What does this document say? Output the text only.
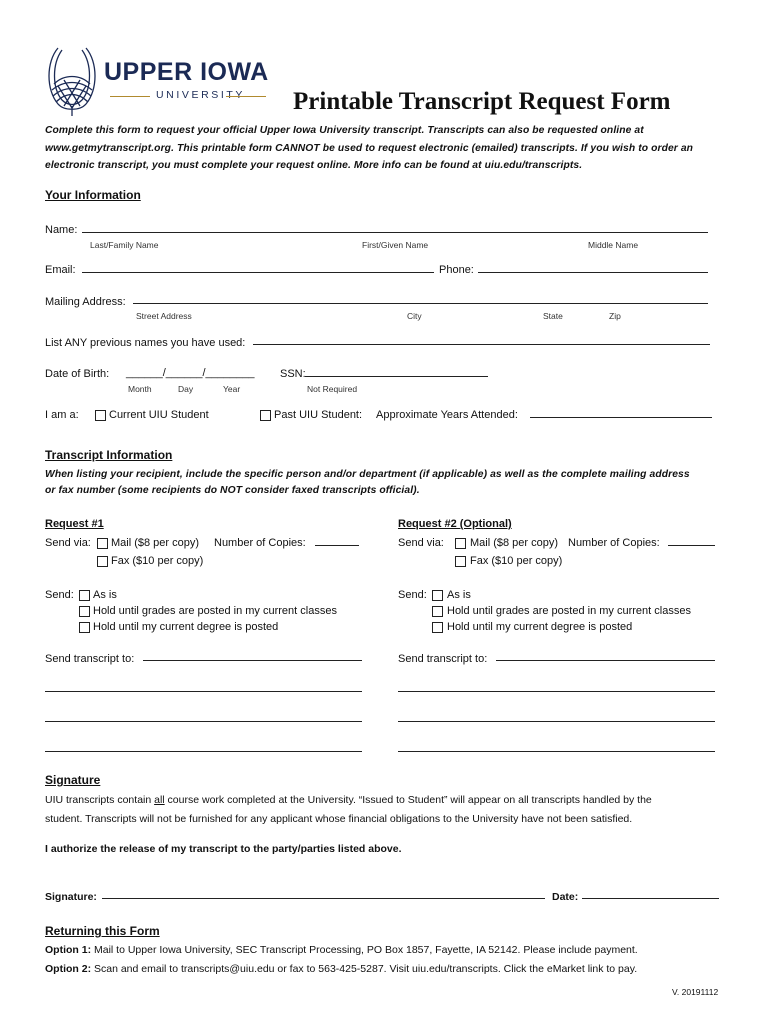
UPPER IOWA
UNIVERSITY Printable Transcript Request Form
Complete this form to request your official Upper Iowa University transcript. Transcripts can also be requested online at
www.getmytranscript.org. This printable form CANNOT be used to request electronic (emailed) transcripts. If you wish to order an
electronic transcript, you must complete your request online. More info can be found at uiu.edu/transcripts.
Your Information
Name:
Last/Family Name	First/Given Name	Middle Name
Email:	Phone:
Mailing Address:
Street Address	City	State	Zip
List ANY previous names you have used:
Date of Birth: ______/______/________
Month	Day	Year
SSN:
Not Required
I am a:	Current UIU Student	Past UIU Student: Approximate Years Attended:
Transcript Information
When listing your recipient, include the specific person and/or department (if applicable) as well as the complete mailing address
or fax number (some recipients do NOT consider faxed transcripts official).
Request #1
Send via: Mail ($8 per copy) Number of Copies:
Fax ($10 per copy)
Send: As is
Hold until grades are posted in my current classes
Hold until my current degree is posted
Send transcript to:
Request #2 (Optional)
Send via: Mail ($8 per copy) Number of Copies:
Fax ($10 per copy)
Send: As is
Hold until grades are posted in my current classes
Hold until my current degree is posted
Send transcript to:
Signature
UIU transcripts contain all course work completed at the University. “Issued to Student” will appear on all transcripts handled by the
student. Transcripts will not be furnished for any applicant whose financial obligations to the University have not been satisfied.
I authorize the release of my transcript to the party/parties listed above.
Signature:	Date:
Returning this Form
Option 1: Mail to Upper Iowa University, SEC Transcript Processing, PO Box 1857, Fayette, IA 52142. Please include payment.
Option 2: Scan and email to transcripts@uiu.edu or fax to 563-425-5287. Visit uiu.edu/transcripts. Click the eMarket link to pay.
V. 20191112
